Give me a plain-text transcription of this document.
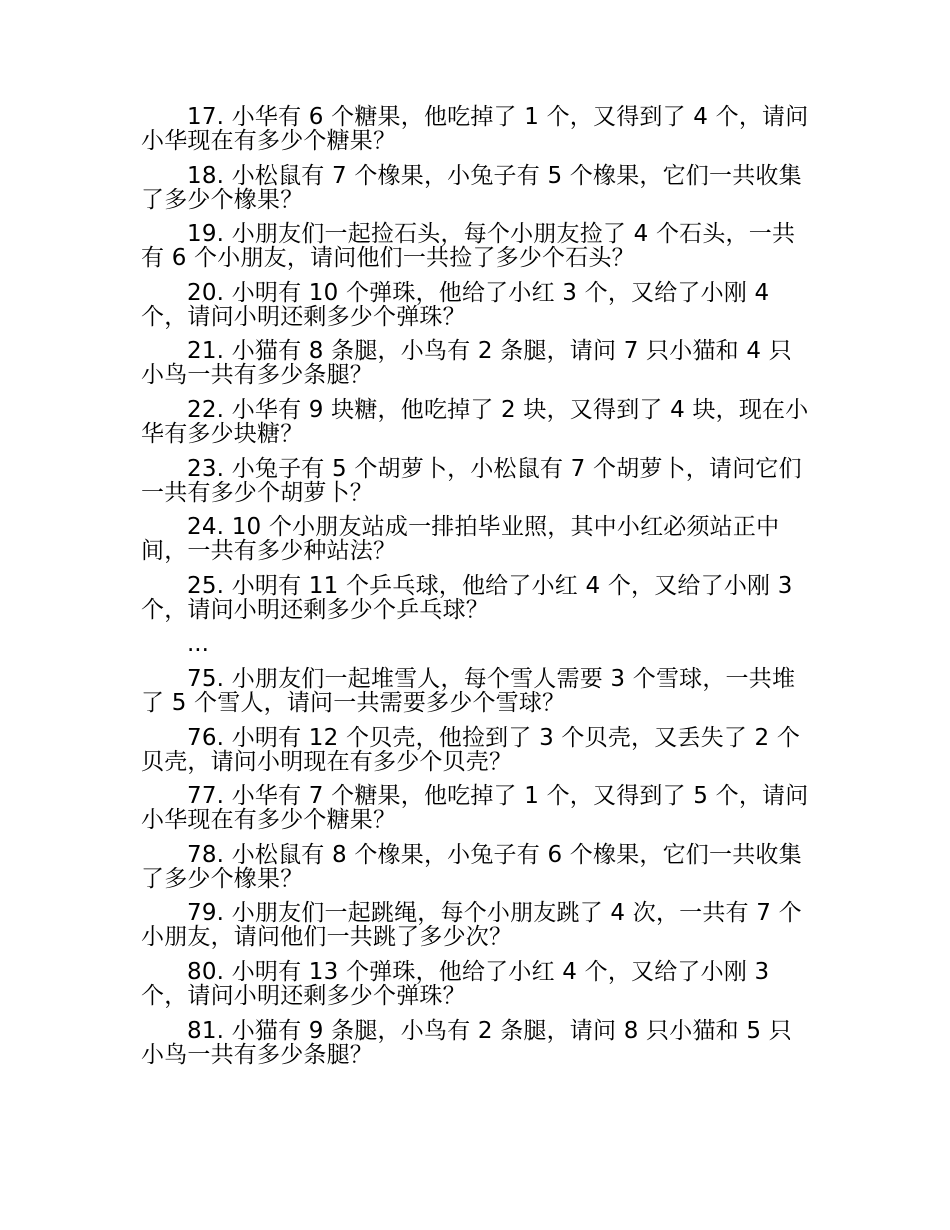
17. 小华有 6 个糖果，他吃掉了 1 个，又得到了 4 个，请问小华现在有多少个糖果？

18. 小松鼠有 7 个橡果，小兔子有 5 个橡果，它们一共收集了多少个橡果？

19. 小朋友们一起捡石头，每个小朋友捡了 4 个石头，一共有 6 个小朋友，请问他们一共捡了多少个石头？

20. 小明有 10 个弹珠，他给了小红 3 个，又给了小刚 4 个，请问小明还剩多少个弹珠？

21. 小猫有 8 条腿，小鸟有 2 条腿，请问 7 只小猫和 4 只小鸟一共有多少条腿？

22. 小华有 9 块糖，他吃掉了 2 块，又得到了 4 块，现在小华有多少块糖？

23. 小兔子有 5 个胡萝卜，小松鼠有 7 个胡萝卜，请问它们一共有多少个胡萝卜？

24. 10 个小朋友站成一排拍毕业照，其中小红必须站正中间，一共有多少种站法？

25. 小明有 11 个乒乓球，他给了小红 4 个，又给了小刚 3 个，请问小明还剩多少个乒乓球？

...

75. 小朋友们一起堆雪人，每个雪人需要 3 个雪球，一共堆了 5 个雪人，请问一共需要多少个雪球？

76. 小明有 12 个贝壳，他捡到了 3 个贝壳，又丢失了 2 个贝壳，请问小明现在有多少个贝壳？

77. 小华有 7 个糖果，他吃掉了 1 个，又得到了 5 个，请问小华现在有多少个糖果？

78. 小松鼠有 8 个橡果，小兔子有 6 个橡果，它们一共收集了多少个橡果？

79. 小朋友们一起跳绳，每个小朋友跳了 4 次，一共有 7 个小朋友，请问他们一共跳了多少次？

80. 小明有 13 个弹珠，他给了小红 4 个，又给了小刚 3 个，请问小明还剩多少个弹珠？

81. 小猫有 9 条腿，小鸟有 2 条腿，请问 8 只小猫和 5 只小鸟一共有多少条腿？
